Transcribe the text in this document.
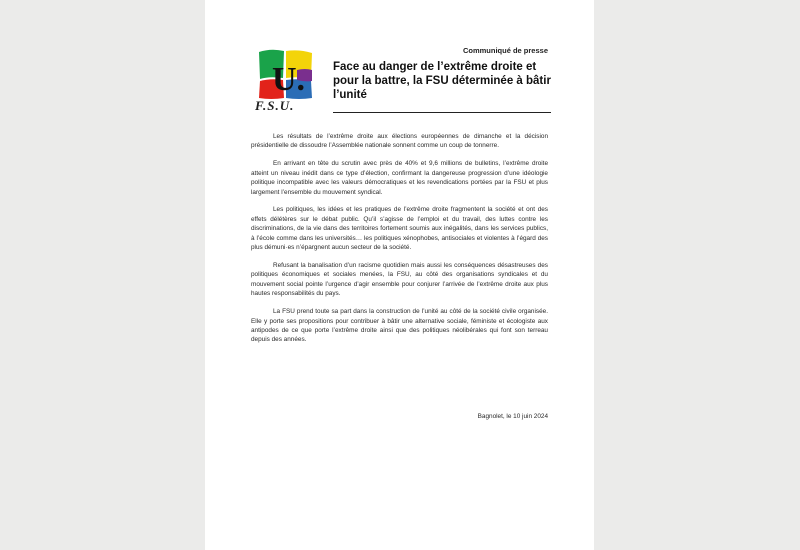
U.
F.S.U.
Communiqué de presse
Face au danger de l’extrême droite et pour la battre, la FSU déterminée à bâtir l’unité

Les résultats de l’extrême droite aux élections européennes de dimanche et la décision présidentielle de dissoudre l’Assemblée nationale sonnent comme un coup de tonnerre.

En arrivant en tête du scrutin avec près de 40% et 9,6 millions de bulletins, l’extrême droite atteint un niveau inédit dans ce type d’élection, confirmant la dangereuse progression d’une idéologie politique incompatible avec les valeurs démocratiques et les revendications portées par la FSU et plus largement l’ensemble du mouvement syndical.

Les politiques, les idées et les pratiques de l’extrême droite fragmentent la société et ont des effets délétères sur le débat public. Qu’il s’agisse de l’emploi et du travail, des luttes contre les discriminations, de la vie dans des territoires fortement soumis aux inégalités, dans les services publics, à l’école comme dans les universités… les politiques xénophobes, antisociales et violentes à l’égard des plus démuni·es n’épargnent aucun secteur de la société.

Refusant la banalisation d’un racisme quotidien mais aussi les conséquences désastreuses des politiques économiques et sociales menées, la FSU, au côté des organisations syndicales et du mouvement social pointe l’urgence d’agir ensemble pour conjurer l’arrivée de l’extrême droite aux plus hautes responsabilités du pays.

La FSU prend toute sa part dans la construction de l’unité au côté de la société civile organisée. Elle y porte ses propositions pour contribuer à bâtir une alternative sociale, féministe et écologiste aux antipodes de ce que porte l’extrême droite ainsi que des politiques néolibérales qui font son terreau depuis des années.

Bagnolet, le 10 juin 2024
